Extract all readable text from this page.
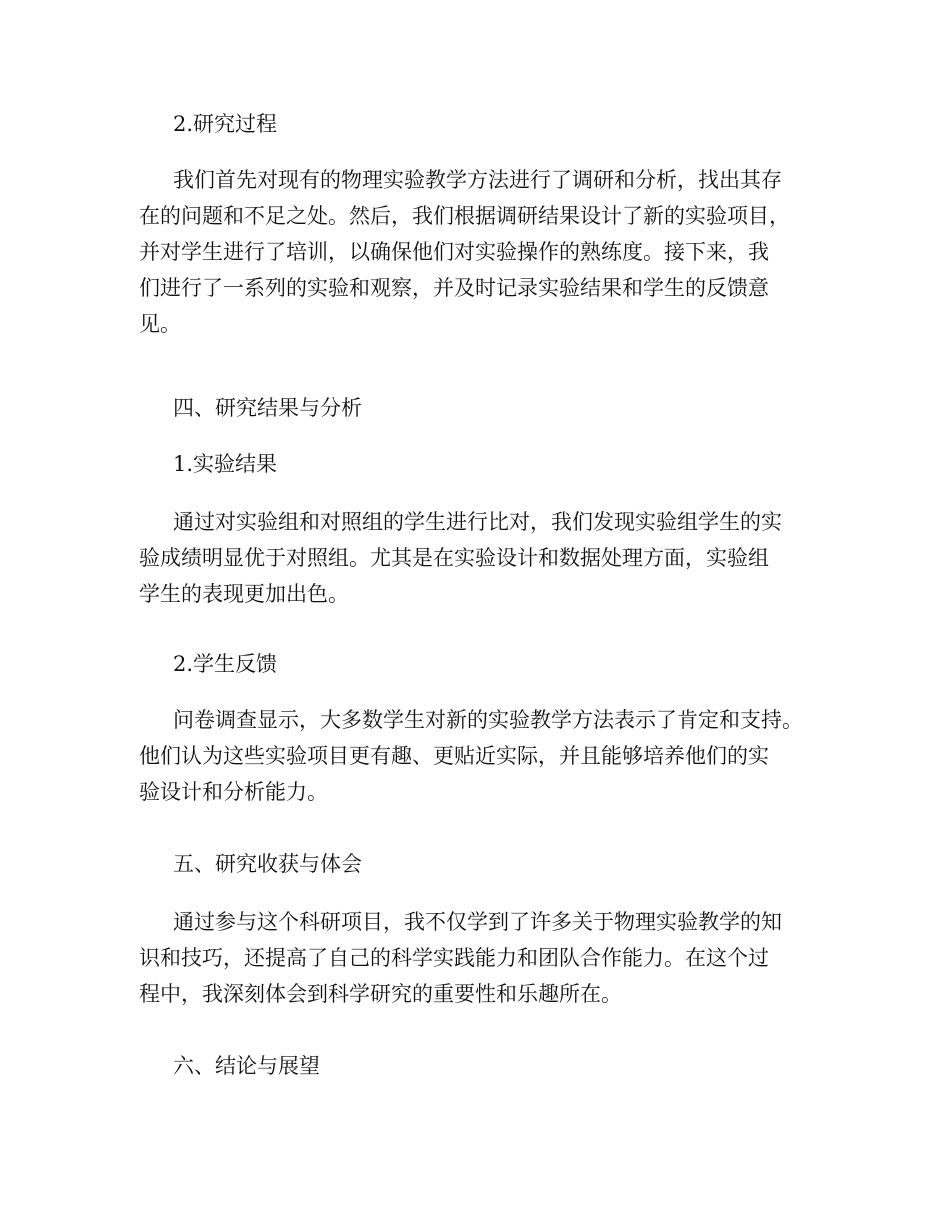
2.研究过程
我们首先对现有的物理实验教学方法进行了调研和分析，找出其存
在的问题和不足之处。然后，我们根据调研结果设计了新的实验项目，
并对学生进行了培训，以确保他们对实验操作的熟练度。接下来，我
们进行了一系列的实验和观察，并及时记录实验结果和学生的反馈意
见。
四、研究结果与分析
1.实验结果
通过对实验组和对照组的学生进行比对，我们发现实验组学生的实
验成绩明显优于对照组。尤其是在实验设计和数据处理方面，实验组
学生的表现更加出色。
2.学生反馈
问卷调查显示，大多数学生对新的实验教学方法表示了肯定和支持。
他们认为这些实验项目更有趣、更贴近实际，并且能够培养他们的实
验设计和分析能力。
五、研究收获与体会
通过参与这个科研项目，我不仅学到了许多关于物理实验教学的知
识和技巧，还提高了自己的科学实践能力和团队合作能力。在这个过
程中，我深刻体会到科学研究的重要性和乐趣所在。
六、结论与展望
